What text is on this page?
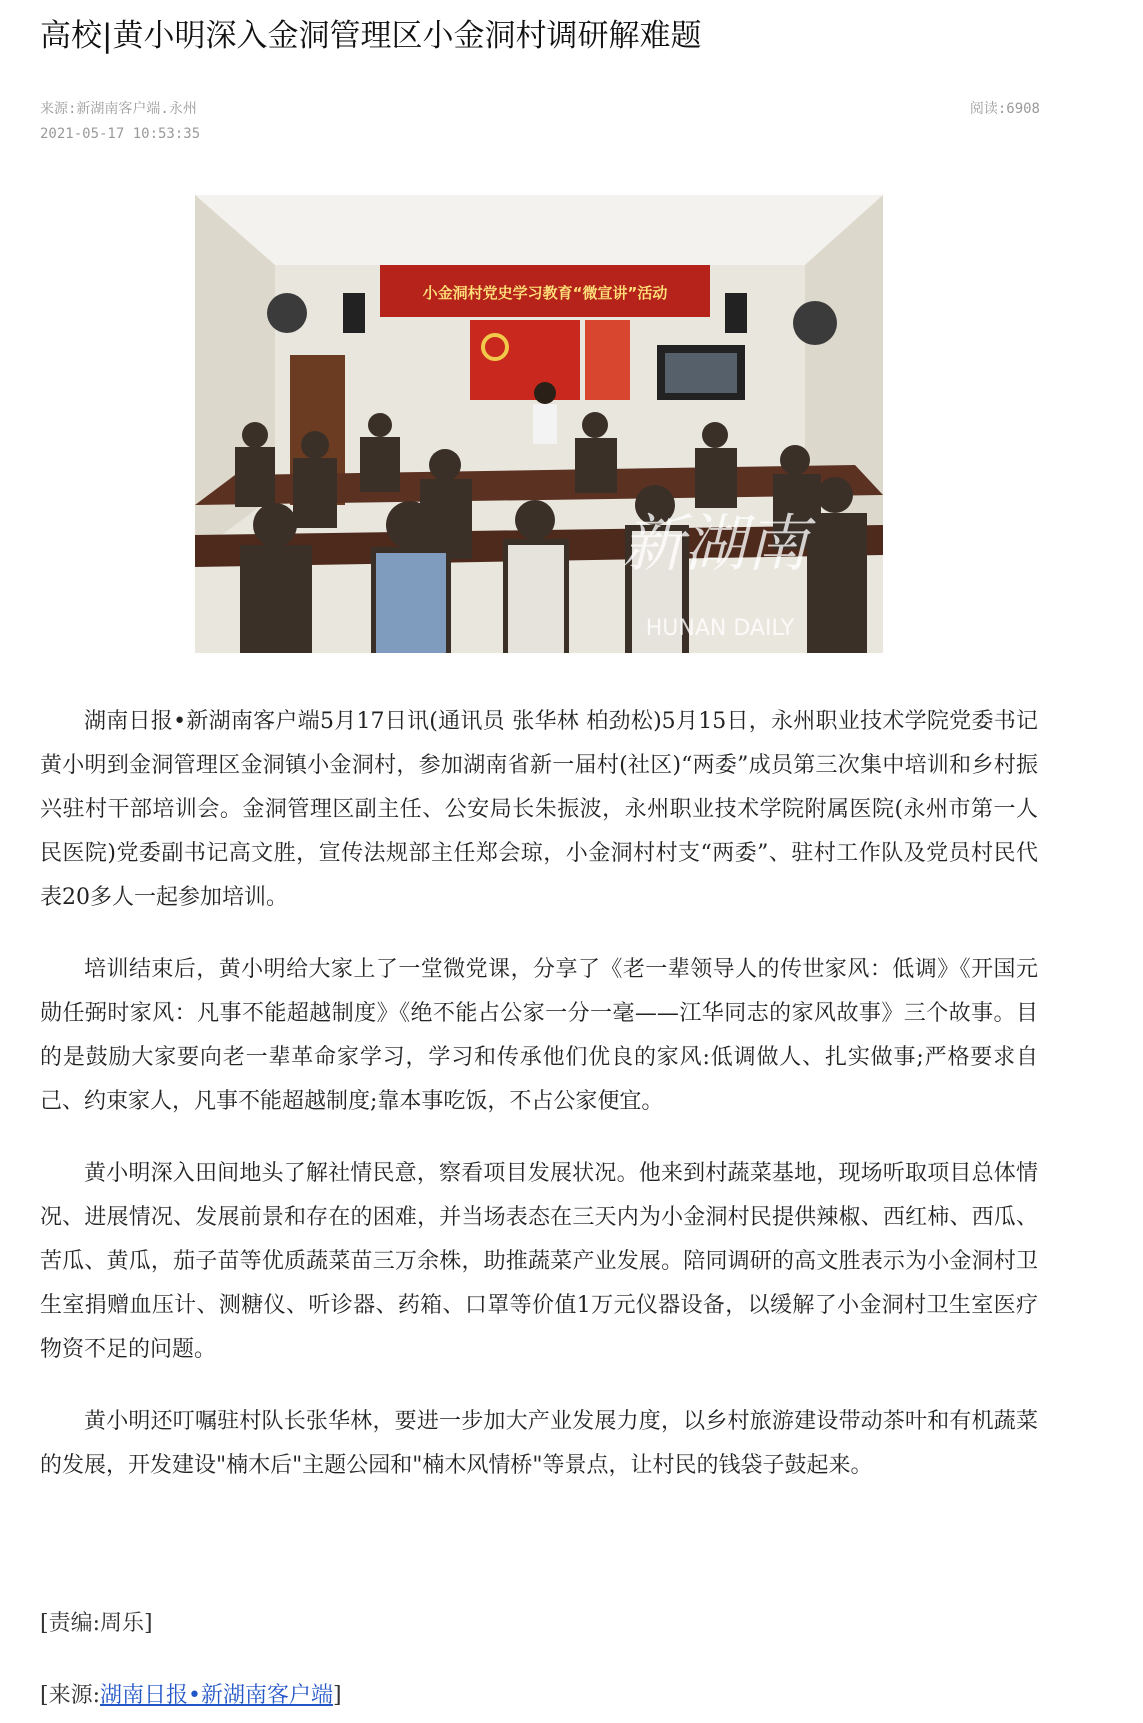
高校|黄小明深入金洞管理区小金洞村调研解难题
来源:新湖南客户端.永州
2021-05-17 10:53:35
阅读:6908
小金洞村党史学习教育“微宣讲”活动
新湖南
HUNAN DAILY

湖南日报•新湖南客户端5月17日讯(通讯员 张华林 柏劲松)5月15日，永州职业技术学院党委书记黄小明到金洞管理区金洞镇小金洞村，参加湖南省新一届村(社区)“两委”成员第三次集中培训和乡村振兴驻村干部培训会。金洞管理区副主任、公安局长朱振波，永州职业技术学院附属医院(永州市第一人民医院)党委副书记高文胜，宣传法规部主任郑会琼，小金洞村村支“两委”、驻村工作队及党员村民代表20多人一起参加培训。

培训结束后，黄小明给大家上了一堂微党课，分享了《老一辈领导人的传世家风：低调》《开国元勋任弼时家风：凡事不能超越制度》《绝不能占公家一分一毫——江华同志的家风故事》三个故事。目的是鼓励大家要向老一辈革命家学习，学习和传承他们优良的家风:低调做人、扎实做事;严格要求自己、约束家人，凡事不能超越制度;靠本事吃饭，不占公家便宜。

黄小明深入田间地头了解社情民意，察看项目发展状况。他来到村蔬菜基地，现场听取项目总体情况、进展情况、发展前景和存在的困难，并当场表态在三天内为小金洞村民提供辣椒、西红柿、西瓜、苦瓜、黄瓜，茄子苗等优质蔬菜苗三万余株，助推蔬菜产业发展。陪同调研的高文胜表示为小金洞村卫生室捐赠血压计、测糖仪、听诊器、药箱、口罩等价值1万元仪器设备，以缓解了小金洞村卫生室医疗物资不足的问题。

黄小明还叮嘱驻村队长张华林，要进一步加大产业发展力度，以乡村旅游建设带动茶叶和有机蔬菜的发展，开发建设"楠木后"主题公园和"楠木风情桥"等景点，让村民的钱袋子鼓起来。

[责编:周乐]
[来源:湖南日报•新湖南客户端]
